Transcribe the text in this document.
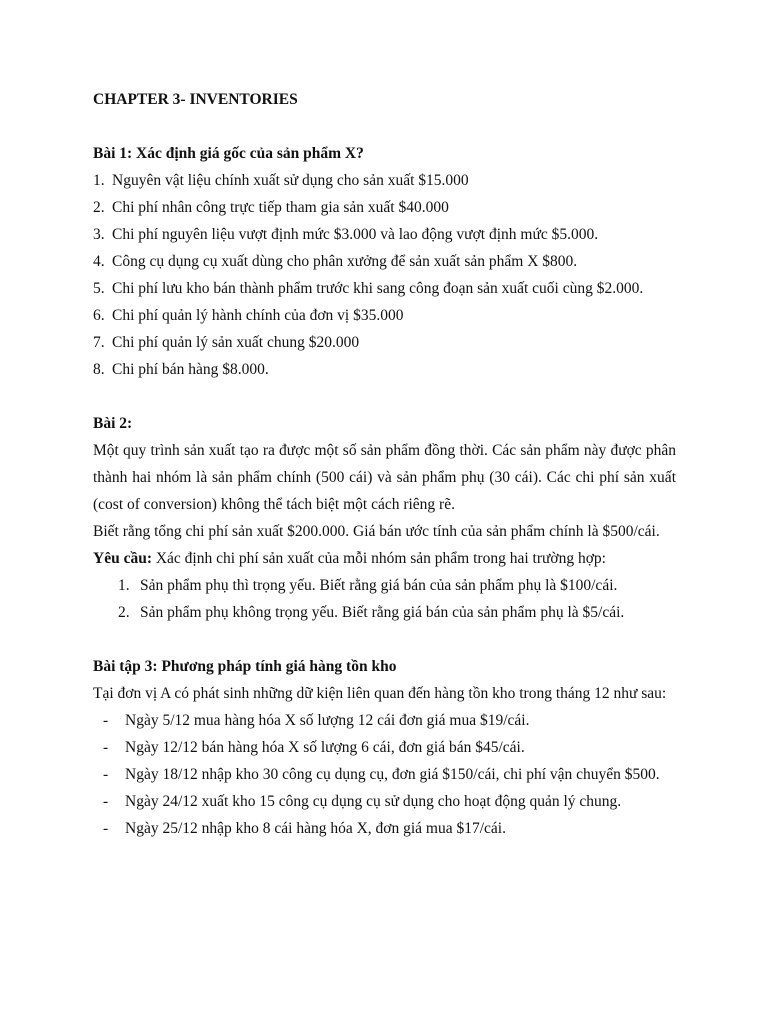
CHAPTER 3- INVENTORIES
Bài 1: Xác định giá gốc của sản phẩm X?
1. Nguyên vật liệu chính xuất sử dụng cho sản xuất $15.000
2. Chi phí nhân công trực tiếp tham gia sản xuất $40.000
3. Chi phí nguyên liệu vượt định mức $3.000 và lao động vượt định mức $5.000.
4. Công cụ dụng cụ xuất dùng cho phân xưởng để sản xuất sản phẩm X $800.
5. Chi phí lưu kho bán thành phẩm trước khi sang công đoạn sản xuất cuối cùng $2.000.
6. Chi phí quản lý hành chính của đơn vị $35.000
7. Chi phí quản lý sản xuất chung $20.000
8. Chi phí bán hàng $8.000.
Bài 2:
Một quy trình sản xuất tạo ra được một số sản phẩm đồng thời. Các sản phẩm này được phân thành hai nhóm là sản phẩm chính (500 cái) và sản phẩm phụ (30 cái). Các chi phí sản xuất (cost of conversion) không thể tách biệt một cách riêng rẽ.
Biết rằng tổng chi phí sản xuất $200.000. Giá bán ước tính của sản phẩm chính là $500/cái.
Yêu cầu: Xác định chi phí sản xuất của mỗi nhóm sản phẩm trong hai trường hợp:
1. Sản phẩm phụ thì trọng yếu. Biết rằng giá bán của sản phẩm phụ là $100/cái.
2. Sản phẩm phụ không trọng yếu. Biết rằng giá bán của sản phẩm phụ là $5/cái.
Bài tập 3: Phương pháp tính giá hàng tồn kho
Tại đơn vị A có phát sinh những dữ kiện liên quan đến hàng tồn kho trong tháng 12 như sau:
- Ngày 5/12 mua hàng hóa X số lượng 12 cái đơn giá mua $19/cái.
- Ngày 12/12 bán hàng hóa X số lượng 6 cái, đơn giá bán $45/cái.
- Ngày 18/12 nhập kho 30 công cụ dụng cụ, đơn giá $150/cái, chi phí vận chuyển $500.
- Ngày 24/12 xuất kho 15 công cụ dụng cụ sử dụng cho hoạt động quản lý chung.
- Ngày 25/12 nhập kho 8 cái hàng hóa X, đơn giá mua $17/cái.
